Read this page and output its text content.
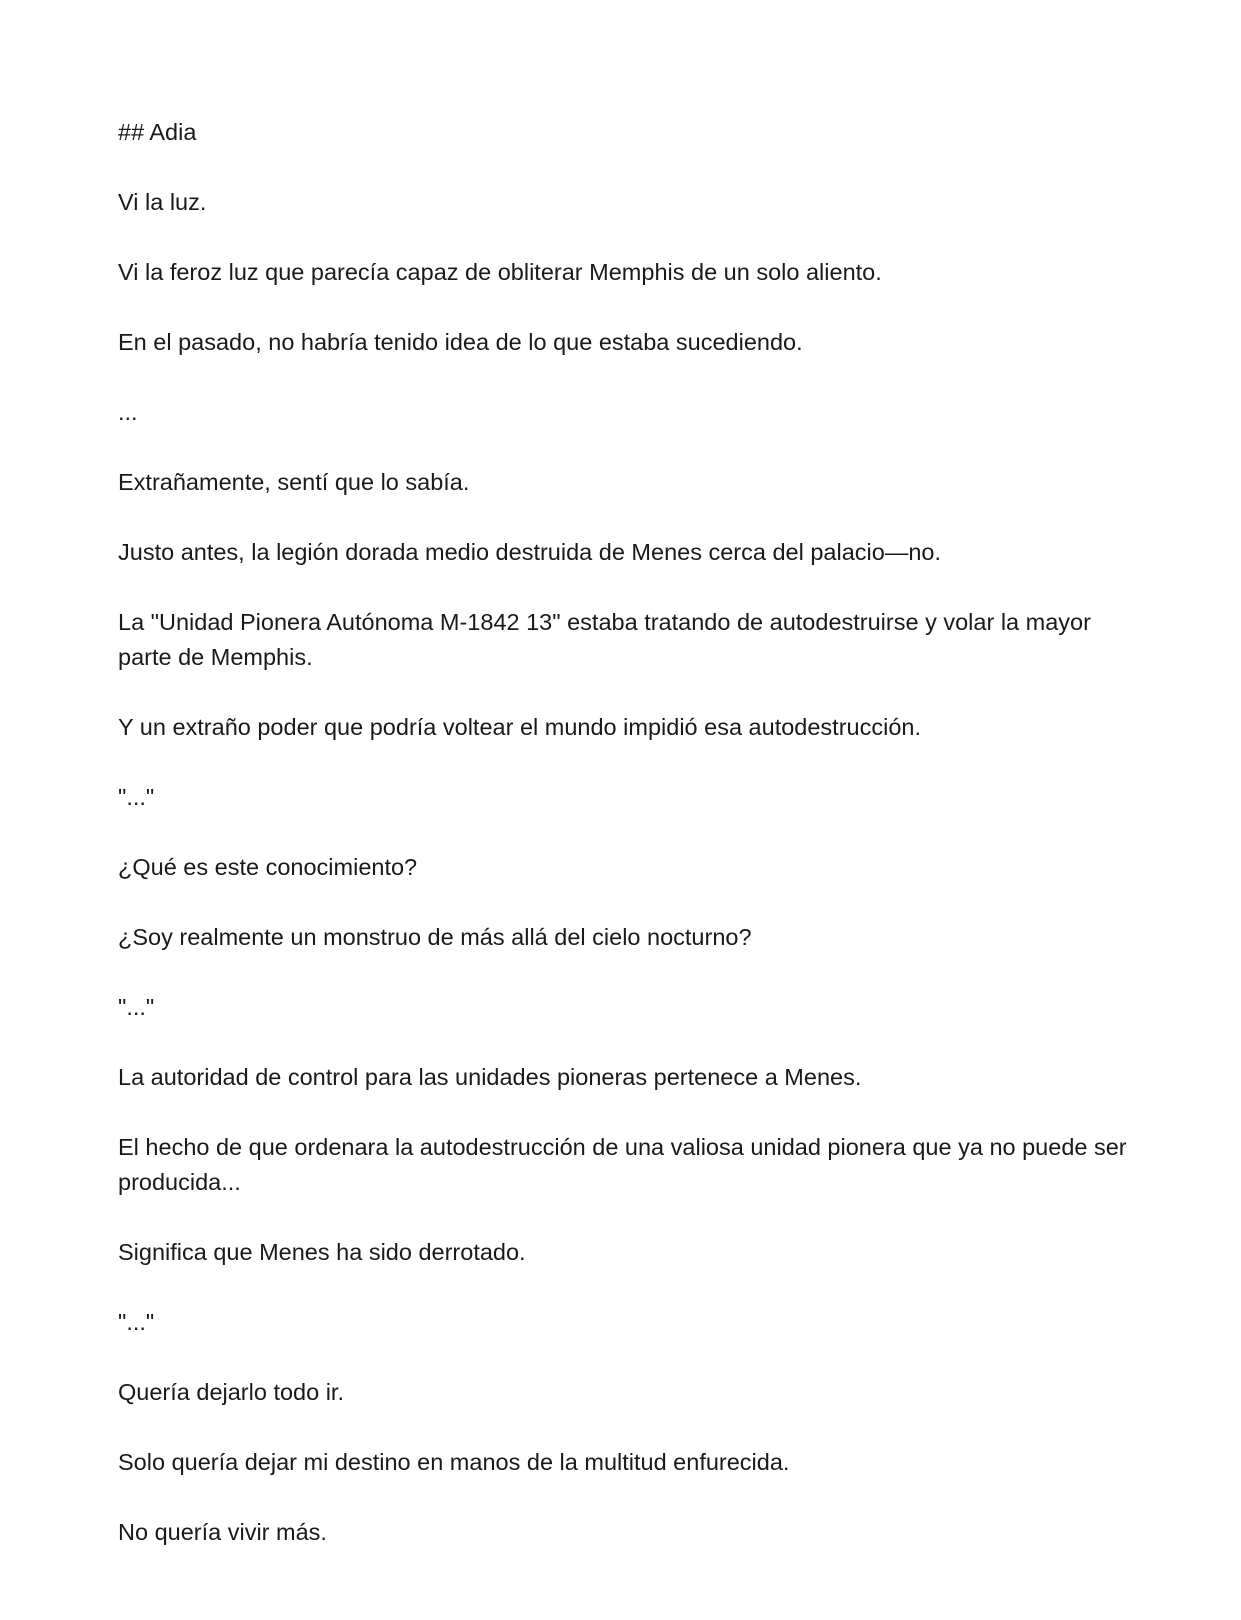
## Adia

Vi la luz.

Vi la feroz luz que parecía capaz de obliterar Memphis de un solo aliento.

En el pasado, no habría tenido idea de lo que estaba sucediendo.

...

Extrañamente, sentí que lo sabía.

Justo antes, la legión dorada medio destruida de Menes cerca del palacio—no.

La "Unidad Pionera Autónoma M-1842 13" estaba tratando de autodestruirse y volar la mayor parte de Memphis.

Y un extraño poder que podría voltear el mundo impidió esa autodestrucción.

"..."

¿Qué es este conocimiento?

¿Soy realmente un monstruo de más allá del cielo nocturno?

"..."

La autoridad de control para las unidades pioneras pertenece a Menes.

El hecho de que ordenara la autodestrucción de una valiosa unidad pionera que ya no puede ser producida...

Significa que Menes ha sido derrotado.

"..."

Quería dejarlo todo ir.

Solo quería dejar mi destino en manos de la multitud enfurecida.

No quería vivir más.
